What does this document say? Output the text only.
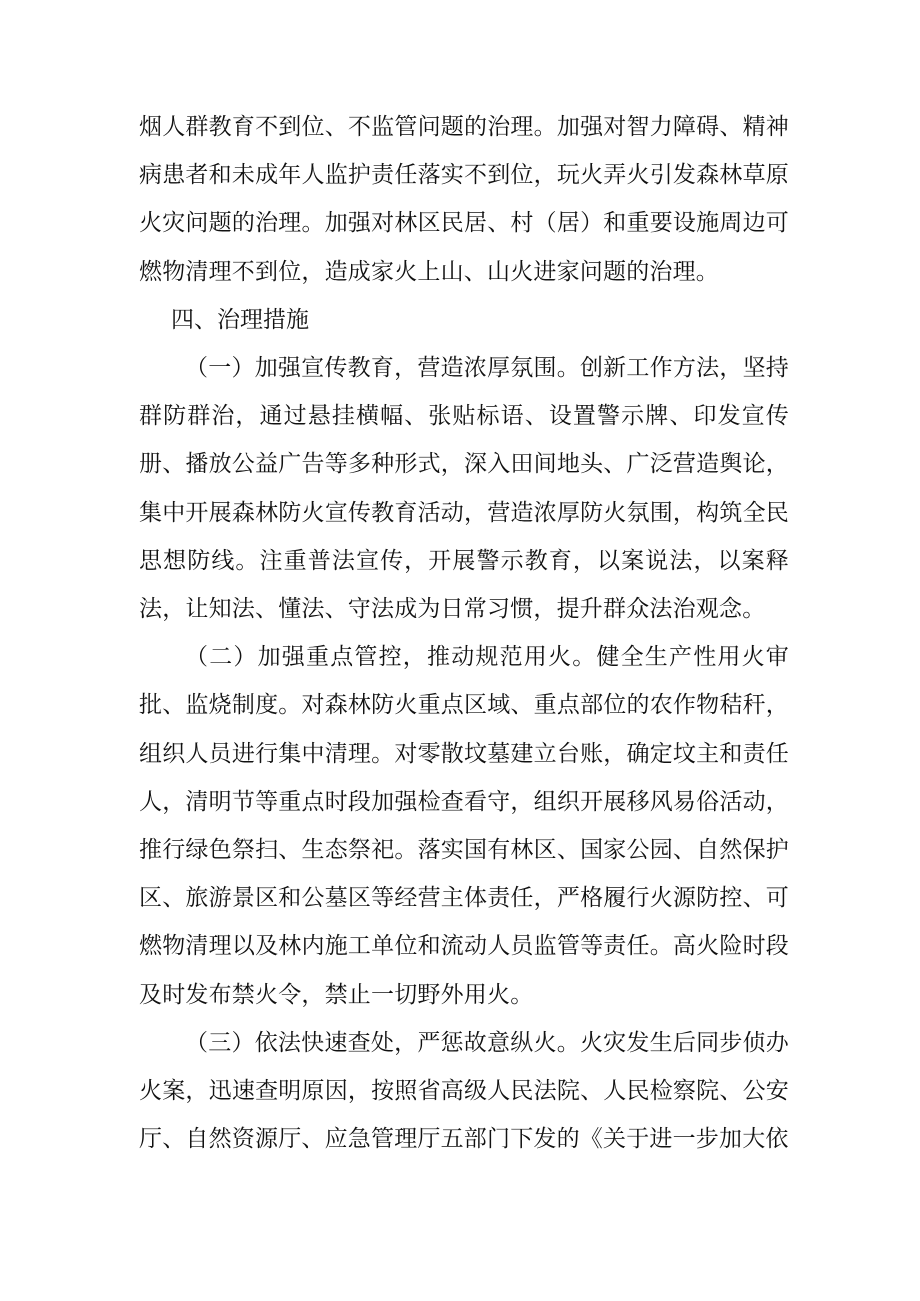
烟人群教育不到位、不监管问题的治理。加强对智力障碍、精神病患者和未成年人监护责任落实不到位，玩火弄火引发森林草原火灾问题的治理。加强对林区民居、村（居）和重要设施周边可燃物清理不到位，造成家火上山、山火进家问题的治理。

四、治理措施

（一）加强宣传教育，营造浓厚氛围。创新工作方法，坚持群防群治，通过悬挂横幅、张贴标语、设置警示牌、印发宣传册、播放公益广告等多种形式，深入田间地头、广泛营造舆论，集中开展森林防火宣传教育活动，营造浓厚防火氛围，构筑全民思想防线。注重普法宣传，开展警示教育，以案说法，以案释法，让知法、懂法、守法成为日常习惯，提升群众法治观念。

（二）加强重点管控，推动规范用火。健全生产性用火审批、监烧制度。对森林防火重点区域、重点部位的农作物秸秆，组织人员进行集中清理。对零散坟墓建立台账，确定坟主和责任人，清明节等重点时段加强检查看守，组织开展移风易俗活动，推行绿色祭扫、生态祭祀。落实国有林区、国家公园、自然保护区、旅游景区和公墓区等经营主体责任，严格履行火源防控、可燃物清理以及林内施工单位和流动人员监管等责任。高火险时段及时发布禁火令，禁止一切野外用火。

（三）依法快速查处，严惩故意纵火。火灾发生后同步侦办火案，迅速查明原因，按照省高级人民法院、人民检察院、公安厅、自然资源厅、应急管理厅五部门下发的《关于进一步加大依
